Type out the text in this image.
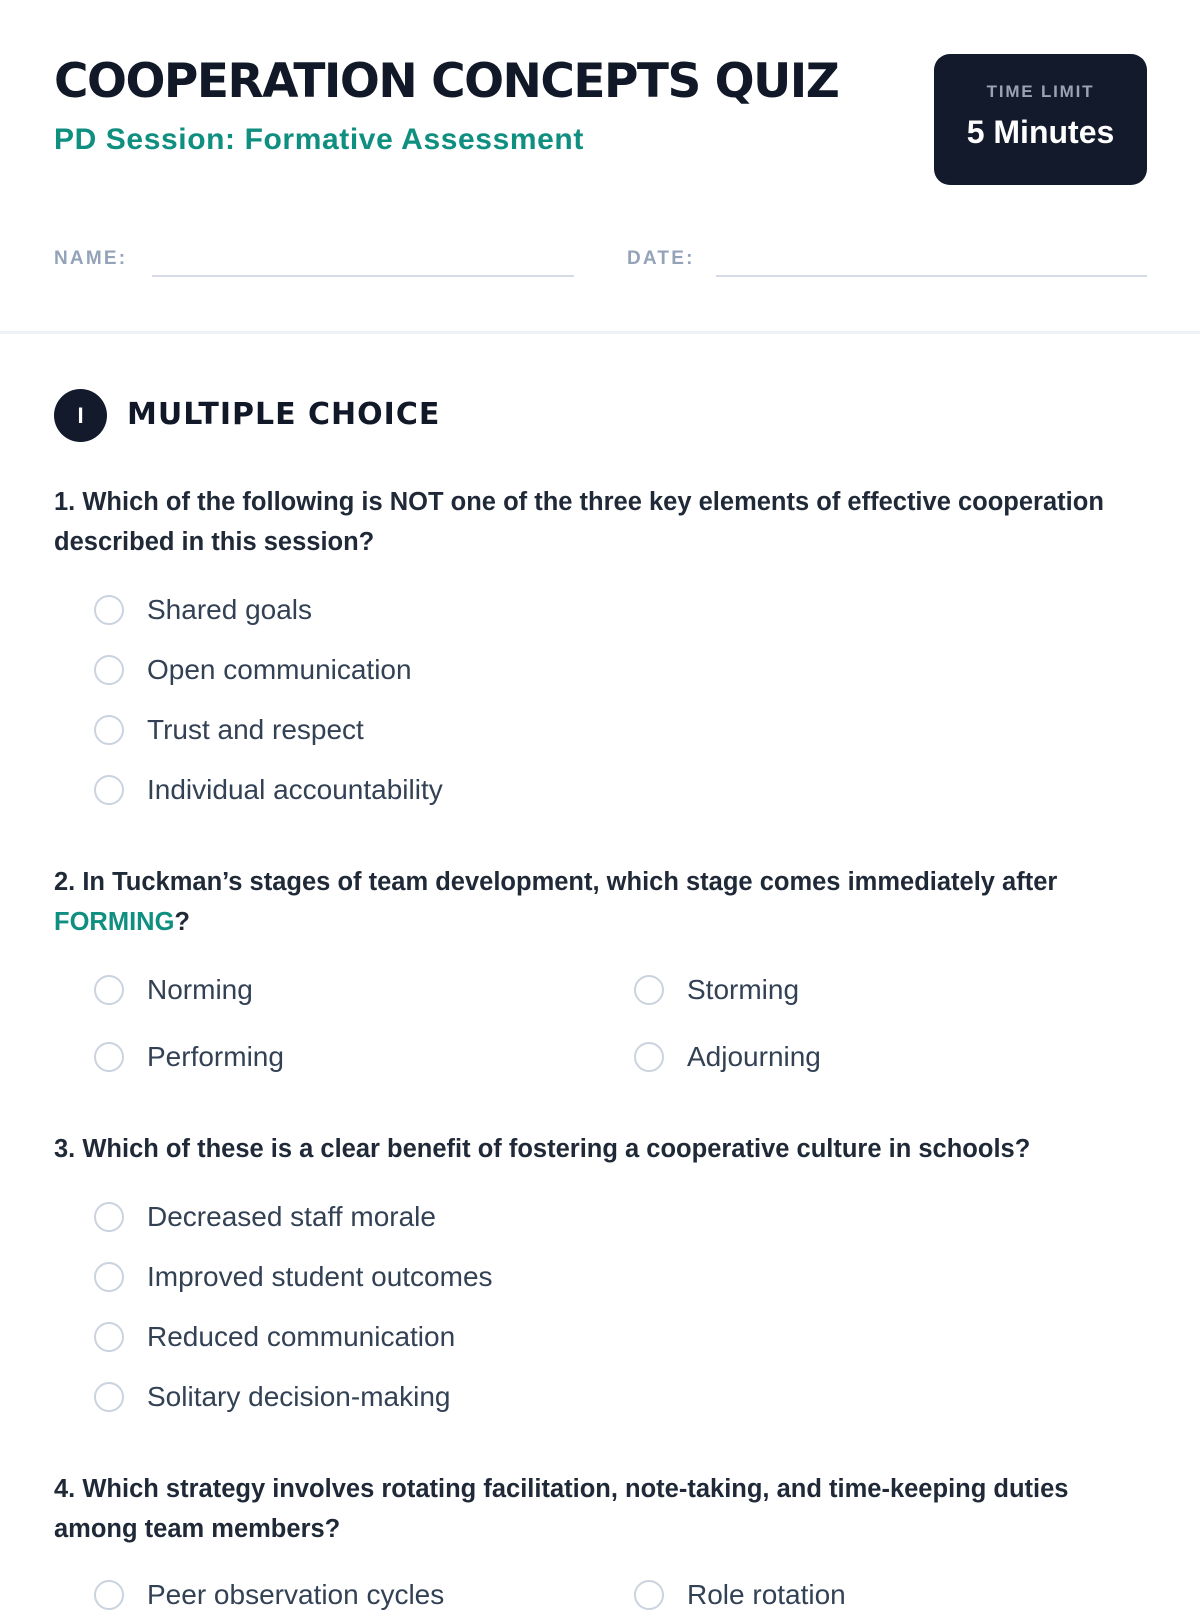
COOPERATION CONCEPTS QUIZ

PD Session: Formative Assessment

TIME LIMIT
5 Minutes
NAME:	DATE:
I	MULTIPLE CHOICE

1. Which of the following is NOT one of the three key elements of effective cooperation described in this session?

Shared goals
Open communication
Trust and respect
Individual accountability

2. In Tuckman’s stages of team development, which stage comes immediately after FORMING?

Norming	Storming
Performing	Adjourning

3. Which of these is a clear benefit of fostering a cooperative culture in schools?

Decreased staff morale
Improved student outcomes
Reduced communication
Solitary decision-making

4. Which strategy involves rotating facilitation, note-taking, and time-keeping duties among team members?

Peer observation cycles	Role rotation
